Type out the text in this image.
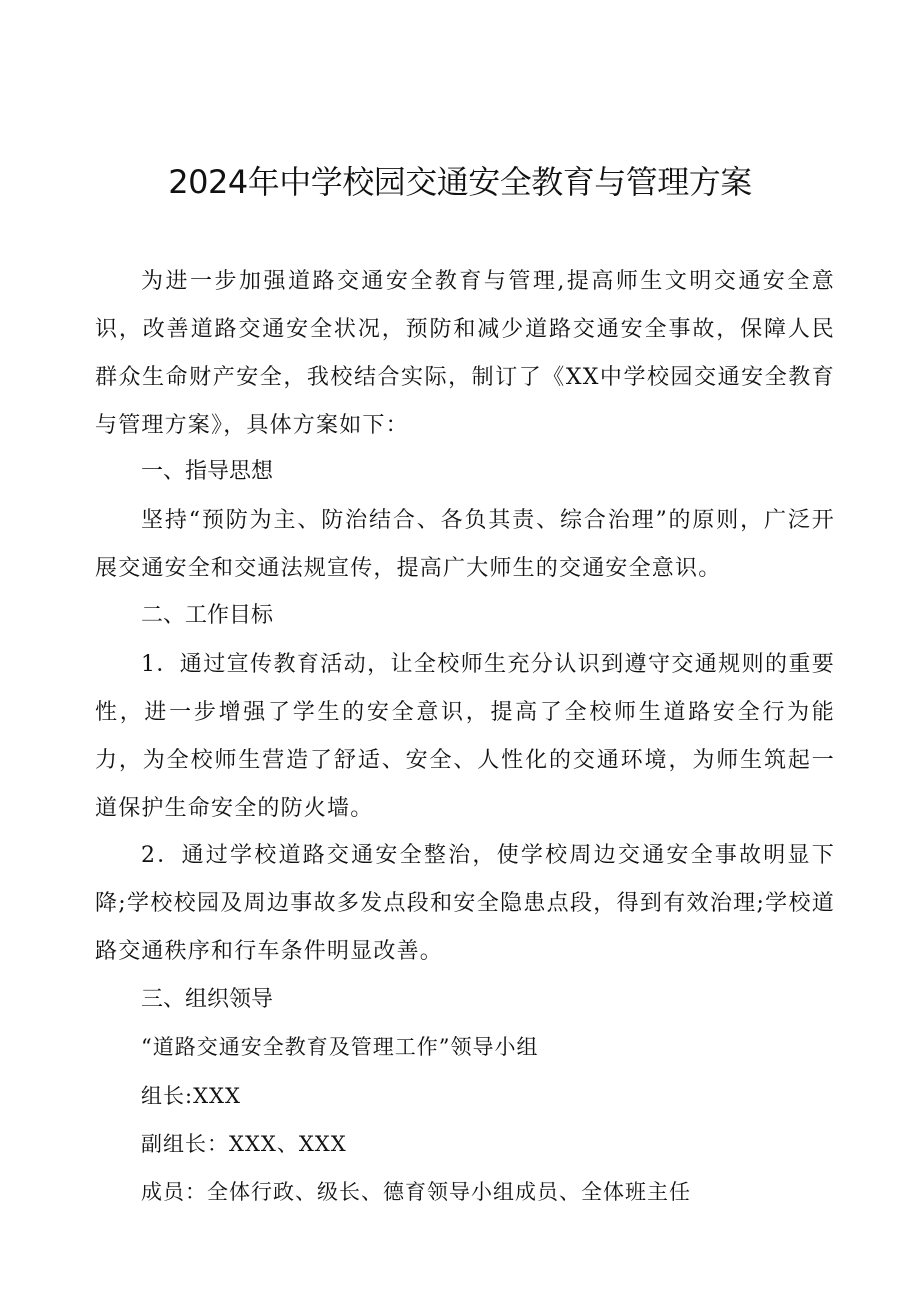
2024年中学校园交通安全教育与管理方案
为进一步加强道路交通安全教育与管理,提高师生文明交通安全意识，改善道路交通安全状况，预防和减少道路交通安全事故，保障人民群众生命财产安全，我校结合实际，制订了《XX中学校园交通安全教育与管理方案》，具体方案如下：
一、指导思想
坚持“预防为主、防治结合、各负其责、综合治理”的原则，广泛开展交通安全和交通法规宣传，提高广大师生的交通安全意识。
二、工作目标
1．通过宣传教育活动，让全校师生充分认识到遵守交通规则的重要性，进一步增强了学生的安全意识，提高了全校师生道路安全行为能力，为全校师生营造了舒适、安全、人性化的交通环境，为师生筑起一道保护生命安全的防火墙。
2．通过学校道路交通安全整治，使学校周边交通安全事故明显下降;学校校园及周边事故多发点段和安全隐患点段，得到有效治理;学校道路交通秩序和行车条件明显改善。
三、组织领导
“道路交通安全教育及管理工作”领导小组
组长:XXX
副组长：XXX、XXX
成员：全体行政、级长、德育领导小组成员、全体班主任
